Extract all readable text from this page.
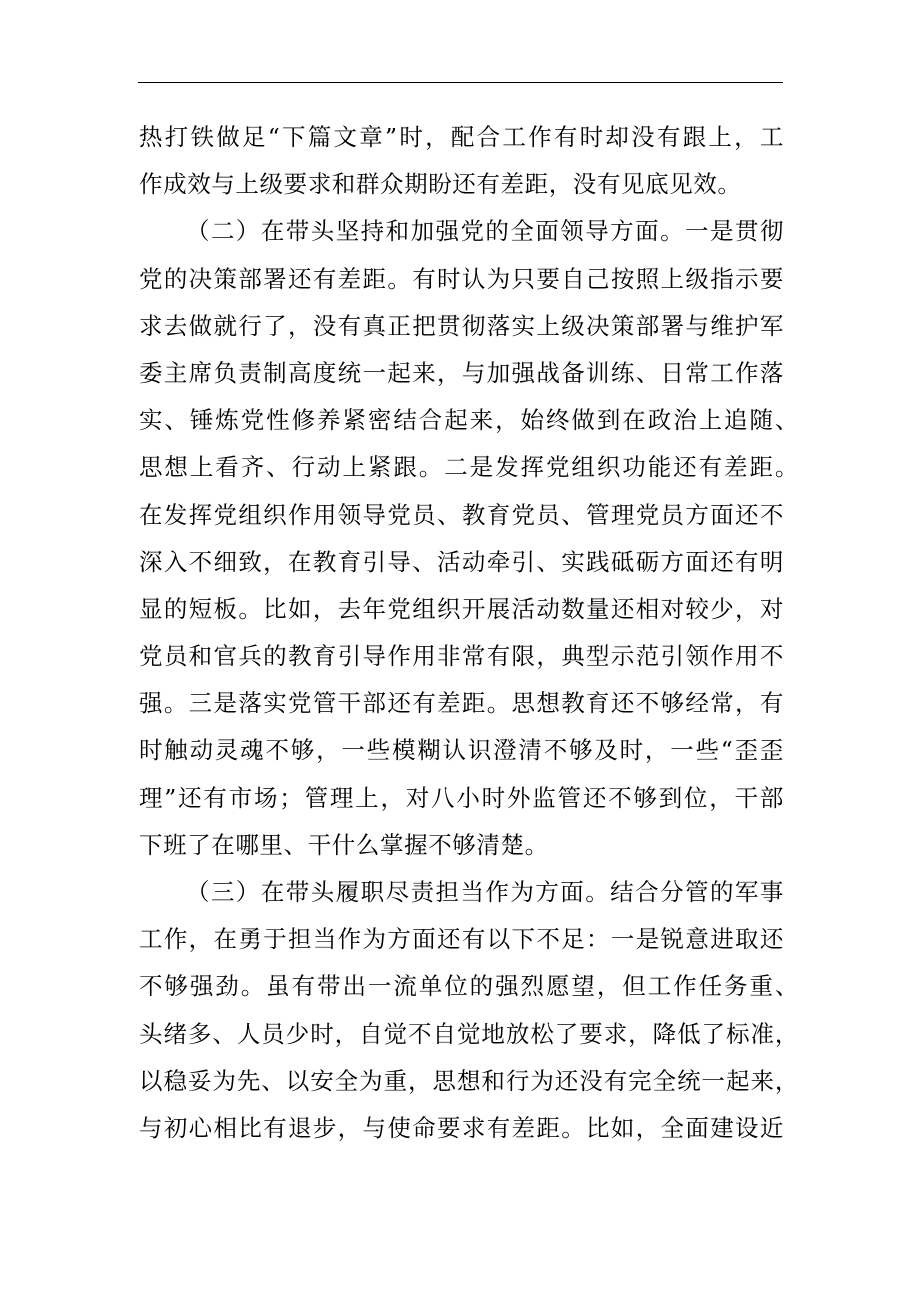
热打铁做足“下篇文章”时，配合工作有时却没有跟上，工
作成效与上级要求和群众期盼还有差距，没有见底见效。
（二）在带头坚持和加强党的全面领导方面。一是贯彻
党的决策部署还有差距。有时认为只要自己按照上级指示要
求去做就行了，没有真正把贯彻落实上级决策部署与维护军
委主席负责制高度统一起来，与加强战备训练、日常工作落
实、锤炼党性修养紧密结合起来，始终做到在政治上追随、
思想上看齐、行动上紧跟。二是发挥党组织功能还有差距。
在发挥党组织作用领导党员、教育党员、管理党员方面还不
深入不细致，在教育引导、活动牵引、实践砥砺方面还有明
显的短板。比如，去年党组织开展活动数量还相对较少，对
党员和官兵的教育引导作用非常有限，典型示范引领作用不
强。三是落实党管干部还有差距。思想教育还不够经常，有
时触动灵魂不够，一些模糊认识澄清不够及时，一些“歪歪
理”还有市场；管理上，对八小时外监管还不够到位，干部
下班了在哪里、干什么掌握不够清楚。
（三）在带头履职尽责担当作为方面。结合分管的军事
工作，在勇于担当作为方面还有以下不足：一是锐意进取还
不够强劲。虽有带出一流单位的强烈愿望，但工作任务重、
头绪多、人员少时，自觉不自觉地放松了要求，降低了标准，
以稳妥为先、以安全为重，思想和行为还没有完全统一起来，
与初心相比有退步，与使命要求有差距。比如，全面建设近
